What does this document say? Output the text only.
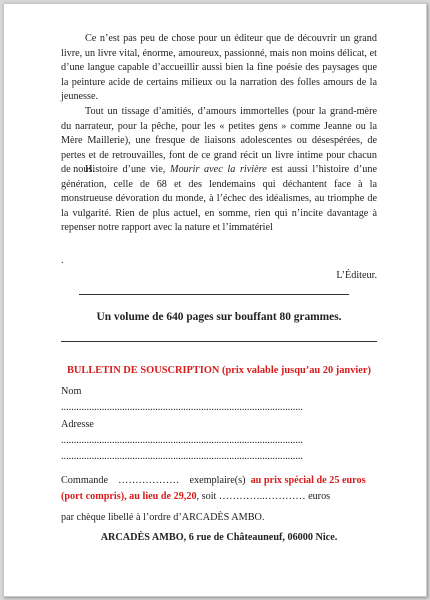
Ce n’est pas peu de chose pour un éditeur que de découvrir un grand livre, un livre vital, énorme, amoureux, passionné, mais non moins délicat, et d’une langue capable d’accueillir aussi bien la fine poésie des paysages que la peinture acide de certains milieux ou la narration des folles amours de la jeunesse.

Tout un tissage d’amitiés, d’amours immortelles (pour la grand-mère du narrateur, pour la pêche, pour les « petites gens » comme Jeanne ou la Mère Maillerie), une fresque de liaisons adolescentes ou désespérées, de pertes et de retrouvailles, font de ce grand récit un livre intime pour chacun de nous.

Histoire d’une vie, Mourir avec la rivière est aussi l’histoire d’une génération, celle de 68 et des lendemains qui déchantent face à la monstrueuse dévoration du monde, à l’échec des idéalismes, au triomphe de la vulgarité. Rien de plus actuel, en somme, rien qui n’incite davantage à repenser notre rapport avec la nature et l’immatériel

.

L’Éditeur.

Un volume de 640 pages sur bouffant 80 grammes.

BULLETIN DE SOUSCRIPTION (prix valable jusqu’au 20 janvier)

Nom
...............................................................................................
Adresse
...............................................................................................
...............................................................................................
Commande ……………… exemplaire(s) au prix spécial de 25 euros
(port compris), au lieu de 29,20, soit …………..………… euros
par chèque libellé à l’ordre d’ARCADÈS AMBO.

ARCADÈS AMBO, 6 rue de Châteauneuf, 06000 Nice.
